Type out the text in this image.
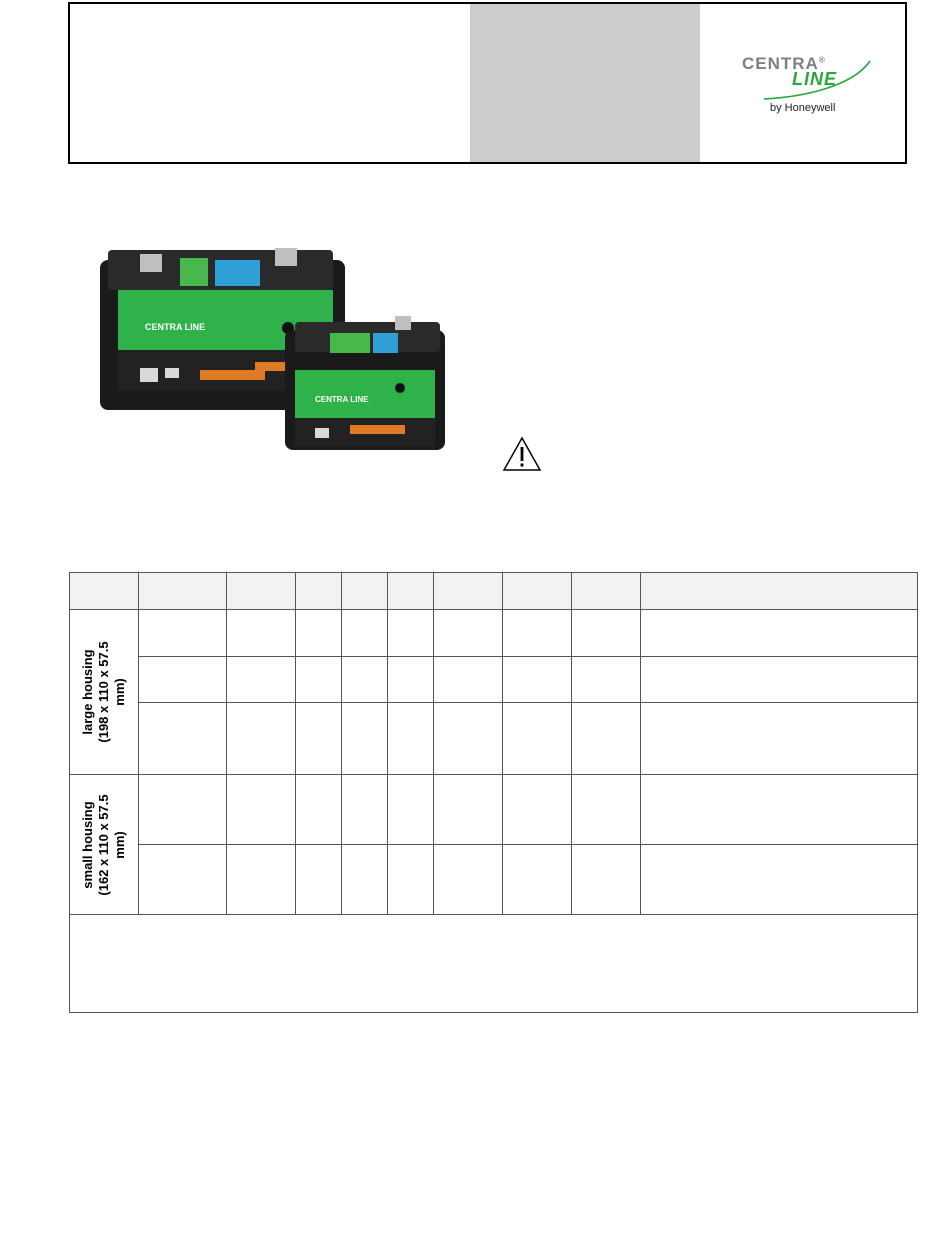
CENTRA®
LINE
by Honeywell
CENTRA LINE
CENTRA LINE

large housing (198 x 110 x 57.5 mm)									

small housing (162 x 110 x 57.5 mm)									
